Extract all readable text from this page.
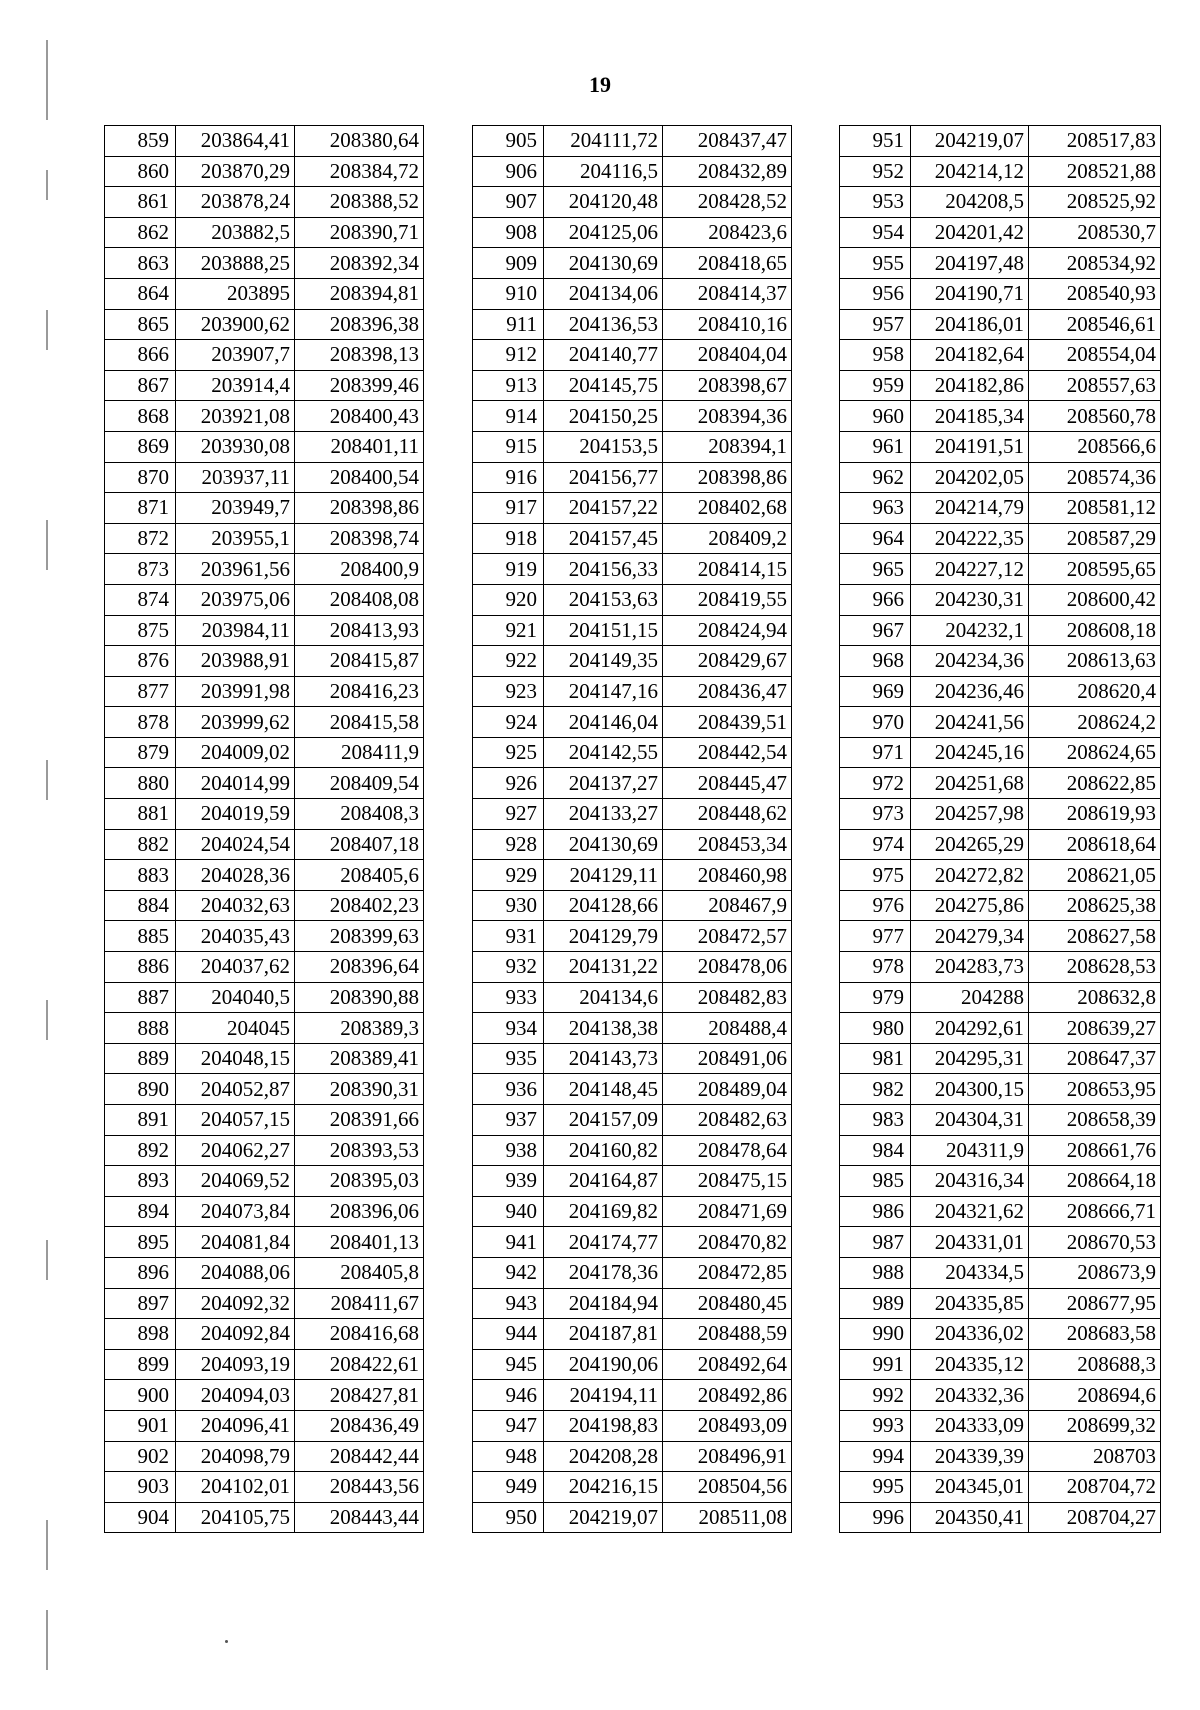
19
859	203864,41	208380,64
860	203870,29	208384,72
861	203878,24	208388,52
862	203882,5	208390,71
863	203888,25	208392,34
864	203895	208394,81
865	203900,62	208396,38
866	203907,7	208398,13
867	203914,4	208399,46
868	203921,08	208400,43
869	203930,08	208401,11
870	203937,11	208400,54
871	203949,7	208398,86
872	203955,1	208398,74
873	203961,56	208400,9
874	203975,06	208408,08
875	203984,11	208413,93
876	203988,91	208415,87
877	203991,98	208416,23
878	203999,62	208415,58
879	204009,02	208411,9
880	204014,99	208409,54
881	204019,59	208408,3
882	204024,54	208407,18
883	204028,36	208405,6
884	204032,63	208402,23
885	204035,43	208399,63
886	204037,62	208396,64
887	204040,5	208390,88
888	204045	208389,3
889	204048,15	208389,41
890	204052,87	208390,31
891	204057,15	208391,66
892	204062,27	208393,53
893	204069,52	208395,03
894	204073,84	208396,06
895	204081,84	208401,13
896	204088,06	208405,8
897	204092,32	208411,67
898	204092,84	208416,68
899	204093,19	208422,61
900	204094,03	208427,81
901	204096,41	208436,49
902	204098,79	208442,44
903	204102,01	208443,56
904	204105,75	208443,44
905	204111,72	208437,47
906	204116,5	208432,89
907	204120,48	208428,52
908	204125,06	208423,6
909	204130,69	208418,65
910	204134,06	208414,37
911	204136,53	208410,16
912	204140,77	208404,04
913	204145,75	208398,67
914	204150,25	208394,36
915	204153,5	208394,1
916	204156,77	208398,86
917	204157,22	208402,68
918	204157,45	208409,2
919	204156,33	208414,15
920	204153,63	208419,55
921	204151,15	208424,94
922	204149,35	208429,67
923	204147,16	208436,47
924	204146,04	208439,51
925	204142,55	208442,54
926	204137,27	208445,47
927	204133,27	208448,62
928	204130,69	208453,34
929	204129,11	208460,98
930	204128,66	208467,9
931	204129,79	208472,57
932	204131,22	208478,06
933	204134,6	208482,83
934	204138,38	208488,4
935	204143,73	208491,06
936	204148,45	208489,04
937	204157,09	208482,63
938	204160,82	208478,64
939	204164,87	208475,15
940	204169,82	208471,69
941	204174,77	208470,82
942	204178,36	208472,85
943	204184,94	208480,45
944	204187,81	208488,59
945	204190,06	208492,64
946	204194,11	208492,86
947	204198,83	208493,09
948	204208,28	208496,91
949	204216,15	208504,56
950	204219,07	208511,08
951	204219,07	208517,83
952	204214,12	208521,88
953	204208,5	208525,92
954	204201,42	208530,7
955	204197,48	208534,92
956	204190,71	208540,93
957	204186,01	208546,61
958	204182,64	208554,04
959	204182,86	208557,63
960	204185,34	208560,78
961	204191,51	208566,6
962	204202,05	208574,36
963	204214,79	208581,12
964	204222,35	208587,29
965	204227,12	208595,65
966	204230,31	208600,42
967	204232,1	208608,18
968	204234,36	208613,63
969	204236,46	208620,4
970	204241,56	208624,2
971	204245,16	208624,65
972	204251,68	208622,85
973	204257,98	208619,93
974	204265,29	208618,64
975	204272,82	208621,05
976	204275,86	208625,38
977	204279,34	208627,58
978	204283,73	208628,53
979	204288	208632,8
980	204292,61	208639,27
981	204295,31	208647,37
982	204300,15	208653,95
983	204304,31	208658,39
984	204311,9	208661,76
985	204316,34	208664,18
986	204321,62	208666,71
987	204331,01	208670,53
988	204334,5	208673,9
989	204335,85	208677,95
990	204336,02	208683,58
991	204335,12	208688,3
992	204332,36	208694,6
993	204333,09	208699,32
994	204339,39	208703
995	204345,01	208704,72
996	204350,41	208704,27
